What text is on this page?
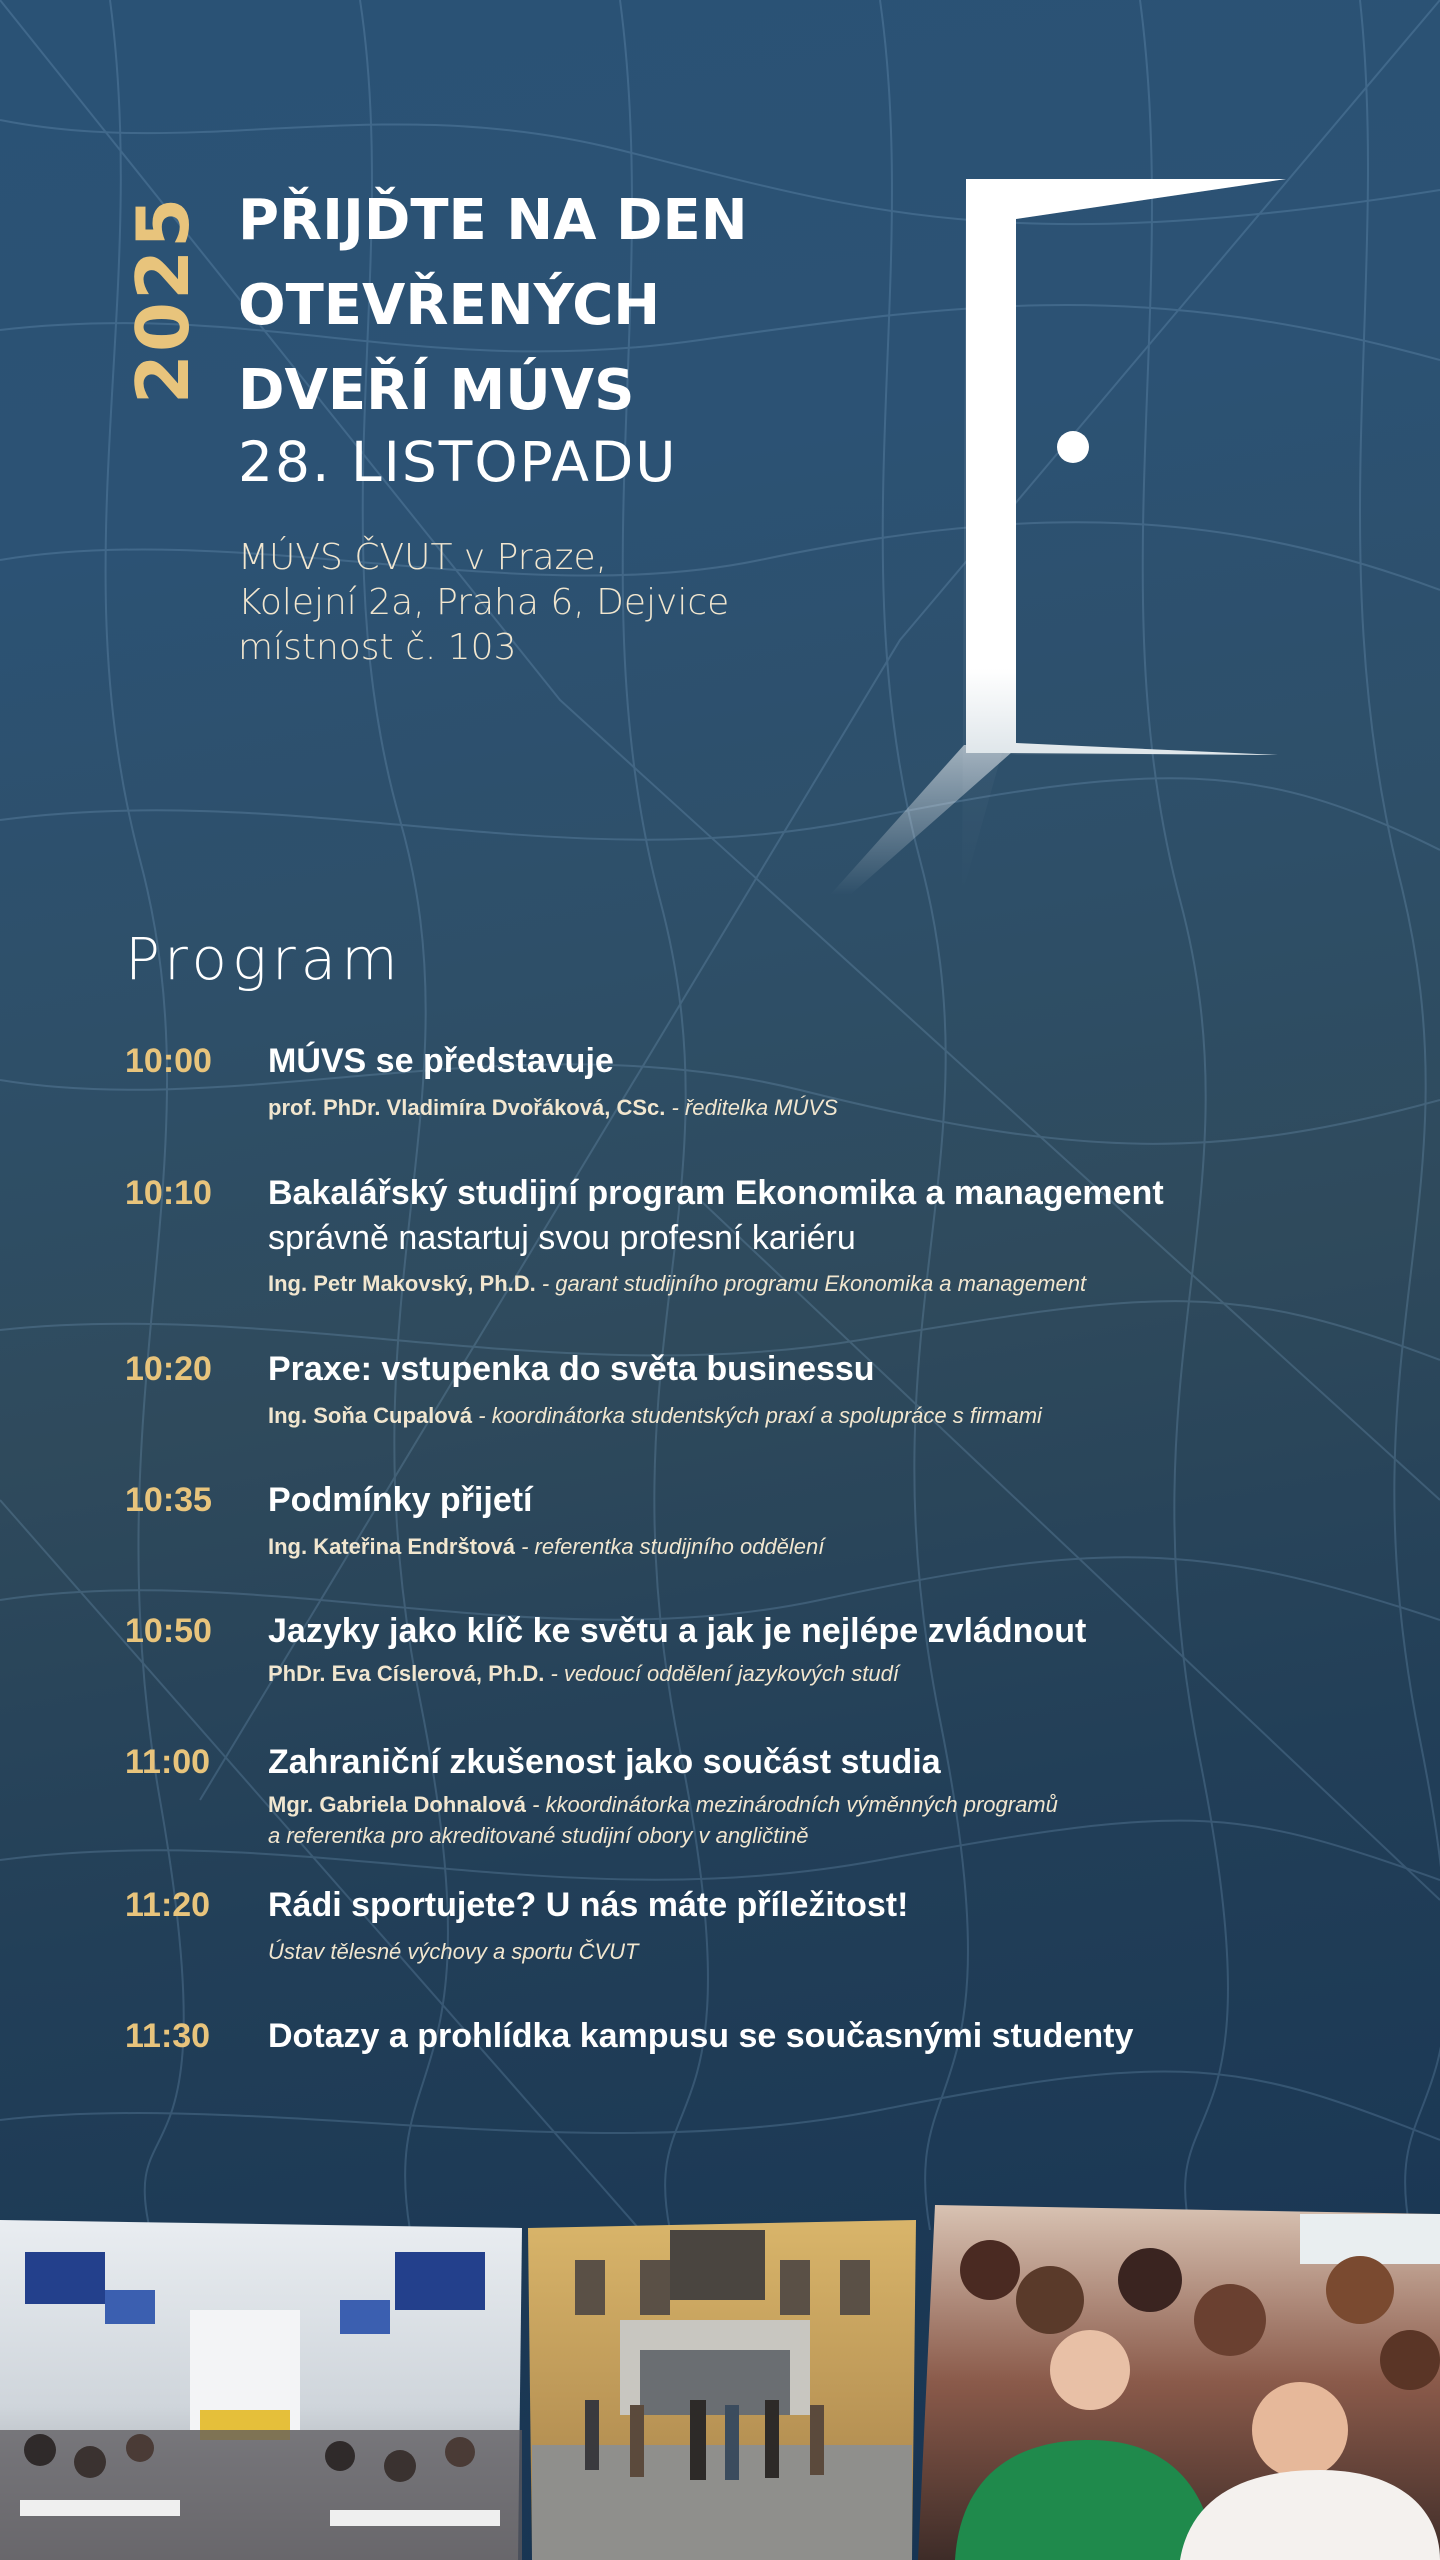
2025 PŘIJĎTE NA DEN
OTEVŘENÝCH
DVEŘÍ MÚVS
28. LISTOPADU
MÚVS ČVUT v Praze,
Kolejní 2a, Praha 6, Dejvice
místnost č. 103
Program
10:00	MÚVS se představuje
prof. PhDr. Vladimíra Dvořáková, CSc. - ředitelka MÚVS
10:10	Bakalářský studijní program Ekonomika a management
správně nastartuj svou profesní kariéru
Ing. Petr Makovský, Ph.D. - garant studijního programu Ekonomika a management
10:20	Praxe: vstupenka do světa businessu
Ing. Soňa Cupalová - koordinátorka studentských praxí a spolupráce s firmami
10:35	Podmínky přijetí
Ing. Kateřina Endrštová - referentka studijního oddělení
10:50	Jazyky jako klíč ke světu a jak je nejlépe zvládnout
PhDr. Eva Císlerová, Ph.D. - vedoucí oddělení jazykových studí
11:00	Zahraniční zkušenost jako součást studia
Mgr. Gabriela Dohnalová - kkoordinátorka mezinárodních výměnných programů
a referentka pro akreditované studijní obory v angličtině
11:20	Rádi sportujete? U nás máte příležitost!
Ústav tělesné výchovy a sportu ČVUT
11:30	Dotazy a prohlídka kampusu se současnými studenty
